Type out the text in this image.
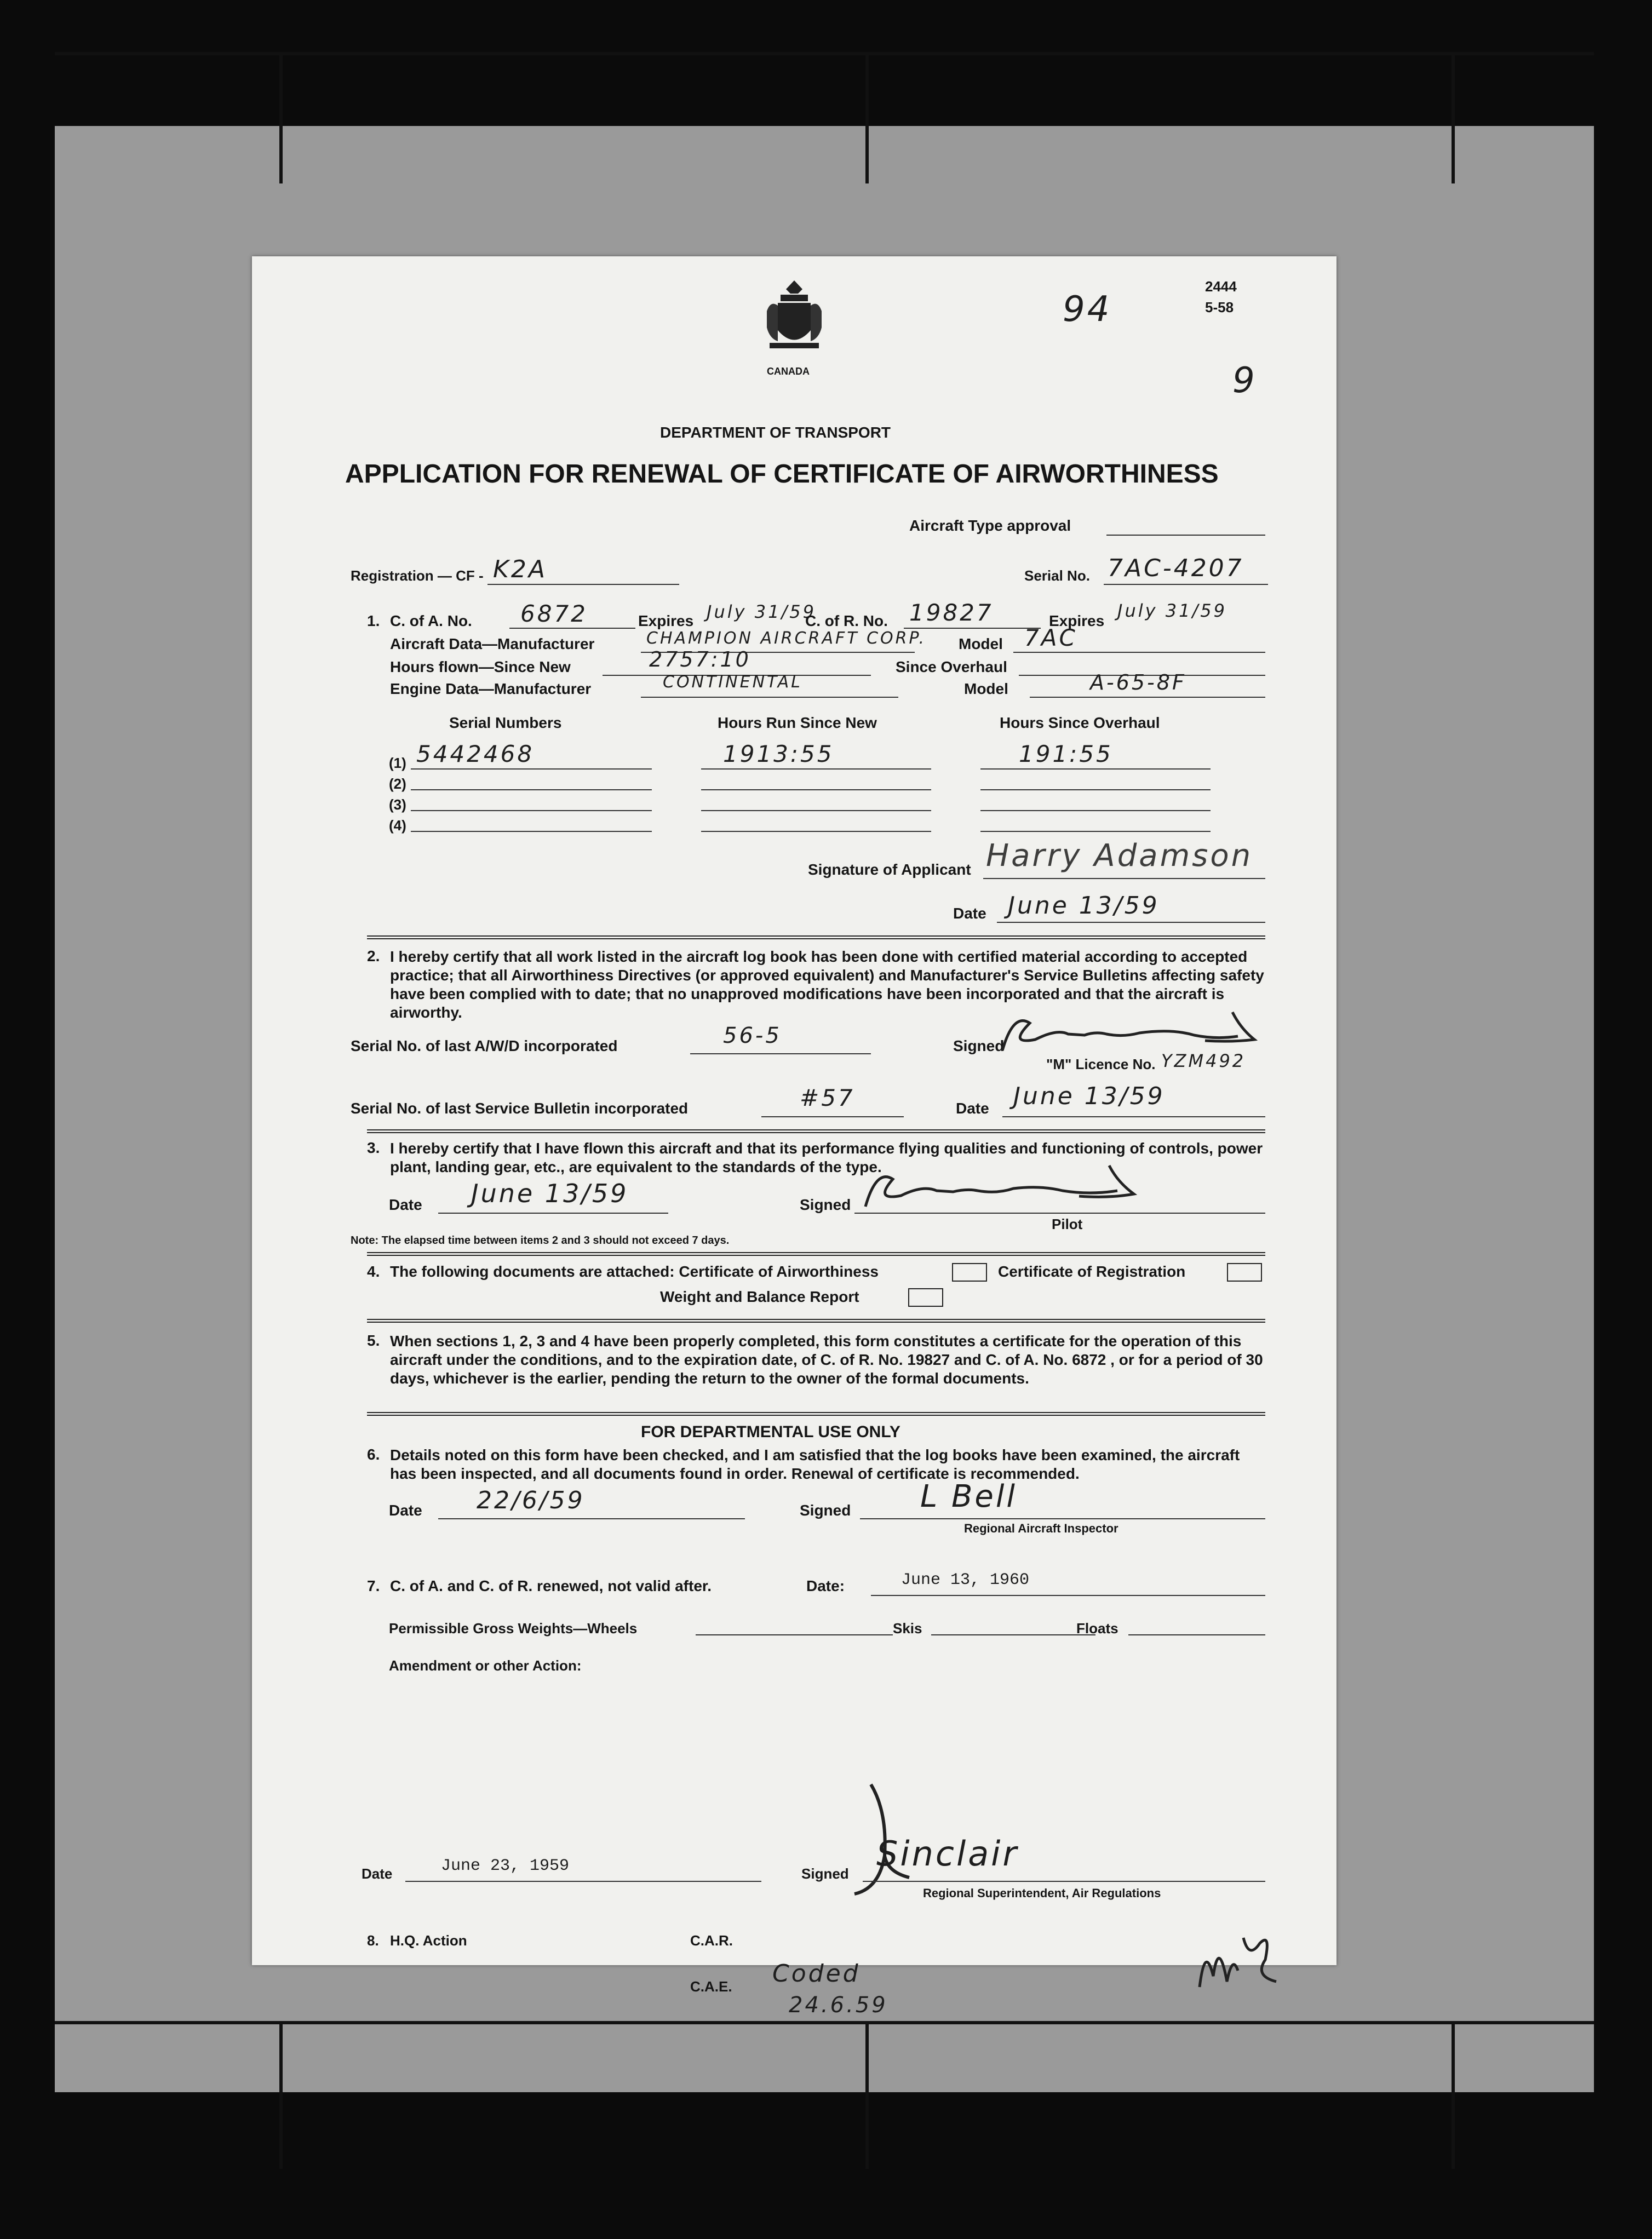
2444
5-58
94
9
CANADA
DEPARTMENT OF TRANSPORT
APPLICATION FOR RENEWAL OF CERTIFICATE OF AIRWORTHINESS
Aircraft Type approval
Registration — CF - K2A	Serial No. 7AC-4207
1. C. of A. No. 6872	Expires July 31/59
C. of R. No. 19827	Expires July 31/59
Aircraft Data—Manufacturer	CHAMPION AIRCRAFT CORP. Model 7AC
Hours flown—Since New	2757:10	Since Overhaul
Engine Data—Manufacturer	CONTINENTAL	Model	A-65-8F
Serial Numbers	Hours Run Since New	Hours Since Overhaul
(1) 5442468	1913:55	191:55
(2)
(3)
(4)
Signature of Applicant Harry Adamson
Date June 13/59
2. I hereby certify that all work listed in the aircraft log book has been done with certified material according to accepted practice; that all Airworthiness Directives (or approved equivalent) and Manufacturer's Service Bulletins affecting safety have been complied with to date; that no unapproved modifications have been incorporated and that the aircraft is airworthy.
Serial No. of last A/W/D incorporated	56-5	Signed
"M" Licence No. YZM492
Serial No. of last Service Bulletin incorporated	#57	Date June 13/59
3. I hereby certify that I have flown this aircraft and that its performance flying qualities and functioning of controls, power plant, landing gear, etc., are equivalent to the standards of the type.
Date June 13/59	Signed
Pilot
Note: The elapsed time between items 2 and 3 should not exceed 7 days.
4. The following documents are attached: Certificate of Airworthiness	Certificate of Registration
Weight and Balance Report
5. When sections 1, 2, 3 and 4 have been properly completed, this form constitutes a certificate for the operation of this aircraft under the conditions, and to the expiration date, of C. of R. No. 19827 and C. of A. No. 6872 , or for a period of 30 days, whichever is the earlier, pending the return to the owner of the formal documents.
FOR DEPARTMENTAL USE ONLY
6. Details noted on this form have been checked, and I am satisfied that the log books have been examined, the aircraft has been inspected, and all documents found in order. Renewal of certificate is recommended.
Date 22/6/59	Signed L Bell
Regional Aircraft Inspector
7. C. of A. and C. of R. renewed, not valid after.	Date:	June 13, 1960
Permissible Gross Weights—Wheels	Skis	Floats
Amendment or other Action:
Date	June 23, 1959	Signed Sinclair
Regional Superintendent, Air Regulations
8. H.Q. Action	C.A.R.
C.A.E. Coded
24.6.59
